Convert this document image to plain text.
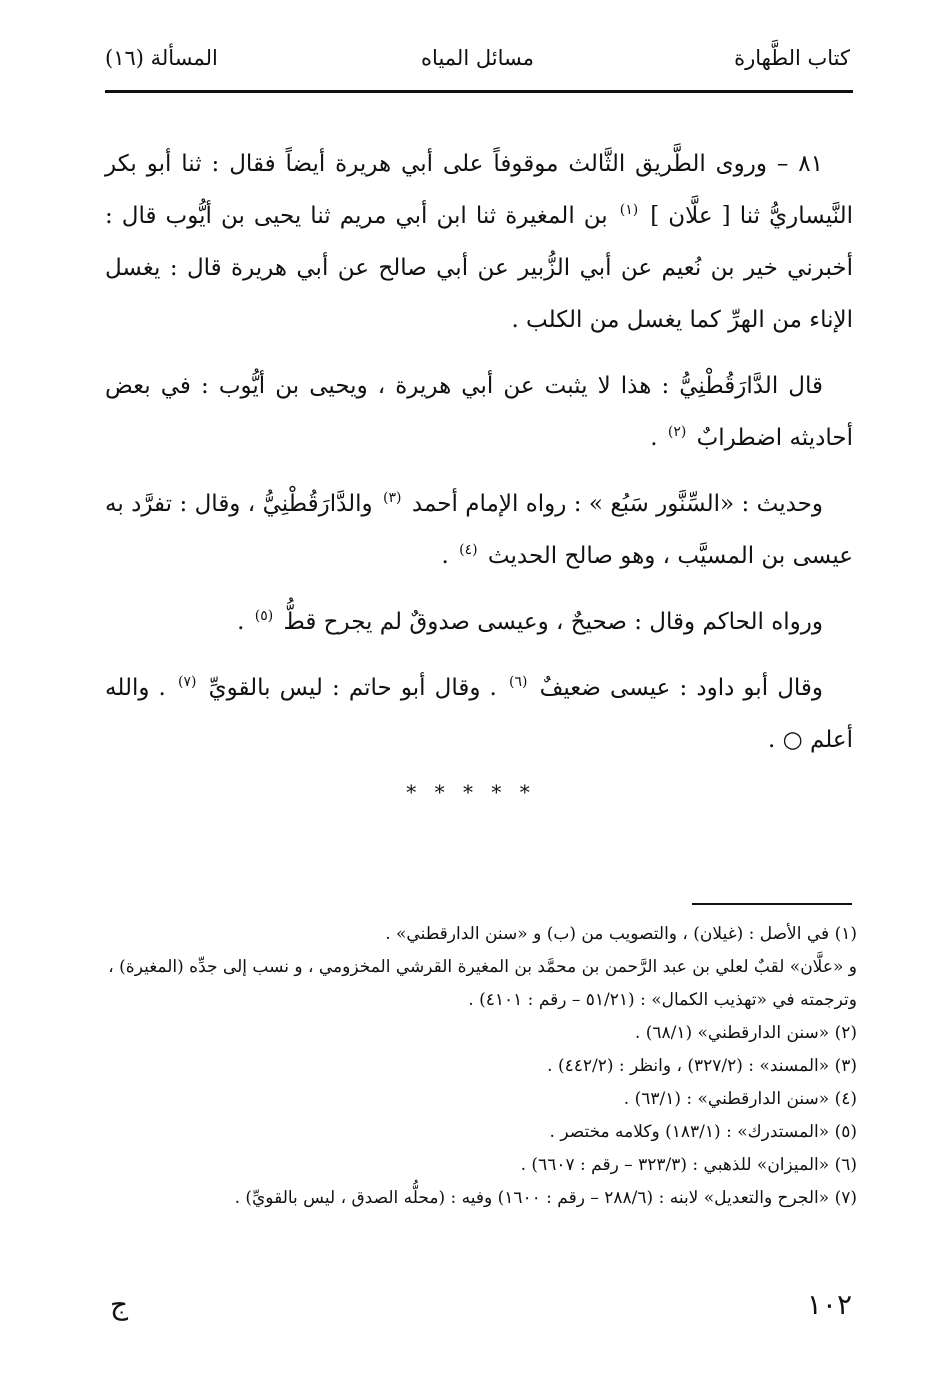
كتاب الطَّهارة
مسائل المياه
المسألة (١٦)
٨١ – وروى الطَّريق الثَّالث موقوفاً على أبي هريرة أيضاً فقال : ثنا أبو بكر النَّيساريُّ ثنا [ علَّان ] $^{(١)}$ بن المغيرة ثنا ابن أبي مريم ثنا يحيى بن أيُّوب قال : أخبرني خير بن نُعيم عن أبي الزُّبير عن أبي صالح عن أبي هريرة قال : يغسل الإناء من الهرِّ كما يغسل من الكلب .
قال الدَّارَقُطْنِيُّ : هذا لا يثبت عن أبي هريرة ، ويحيى بن أيُّوب : في بعض أحاديثه اضطرابٌ $^{(٢)}$ .
وحديث : «السِّنَّور سَبُع » : رواه الإمام أحمد $^{(٣)}$ والدَّارَقُطْنِيُّ ، وقال : تفرَّد به عيسى بن المسيَّب ، وهو صالح الحديث $^{(٤)}$ .
ورواه الحاكم وقال : صحيحٌ ، وعيسى صدوقٌ لم يجرح قطُّ $^{(٥)}$ .
وقال أبو داود : عيسى ضعيفٌ $^{(٦)}$ . وقال أبو حاتم : ليس بالقويِّ $^{(٧)}$ . والله أعلم ○ .
* * * * *

(١) في الأصل : (غيلان) ، والتصويب من (ب) و «سنن الدارقطني» .

و «علَّان» لقبٌ لعلي بن عبد الرَّحمن بن محمَّد بن المغيرة القرشي المخزومي ، و نسب إلى جدِّه (المغيرة) ، وترجمته في «تهذيب الكمال» : (٥١/٢١ – رقم : ٤١٠١) .

(٢) «سنن الدارقطني» (٦٨/١) .

(٣) «المسند» : (٣٢٧/٢) ، وانظر : (٤٤٢/٢) .

(٤) «سنن الدارقطني» : (٦٣/١) .

(٥) «المستدرك» : (١٨٣/١) وكلامه مختصر .

(٦) «الميزان» للذهبي : (٣٢٣/٣ – رقم : ٦٦٠٧) .

(٧) «الجرح والتعديل» لابنه : (٢٨٨/٦ – رقم : ١٦٠٠) وفيه : (محلُّه الصدق ، ليس بالقويِّ) .

١٠٢
ج
